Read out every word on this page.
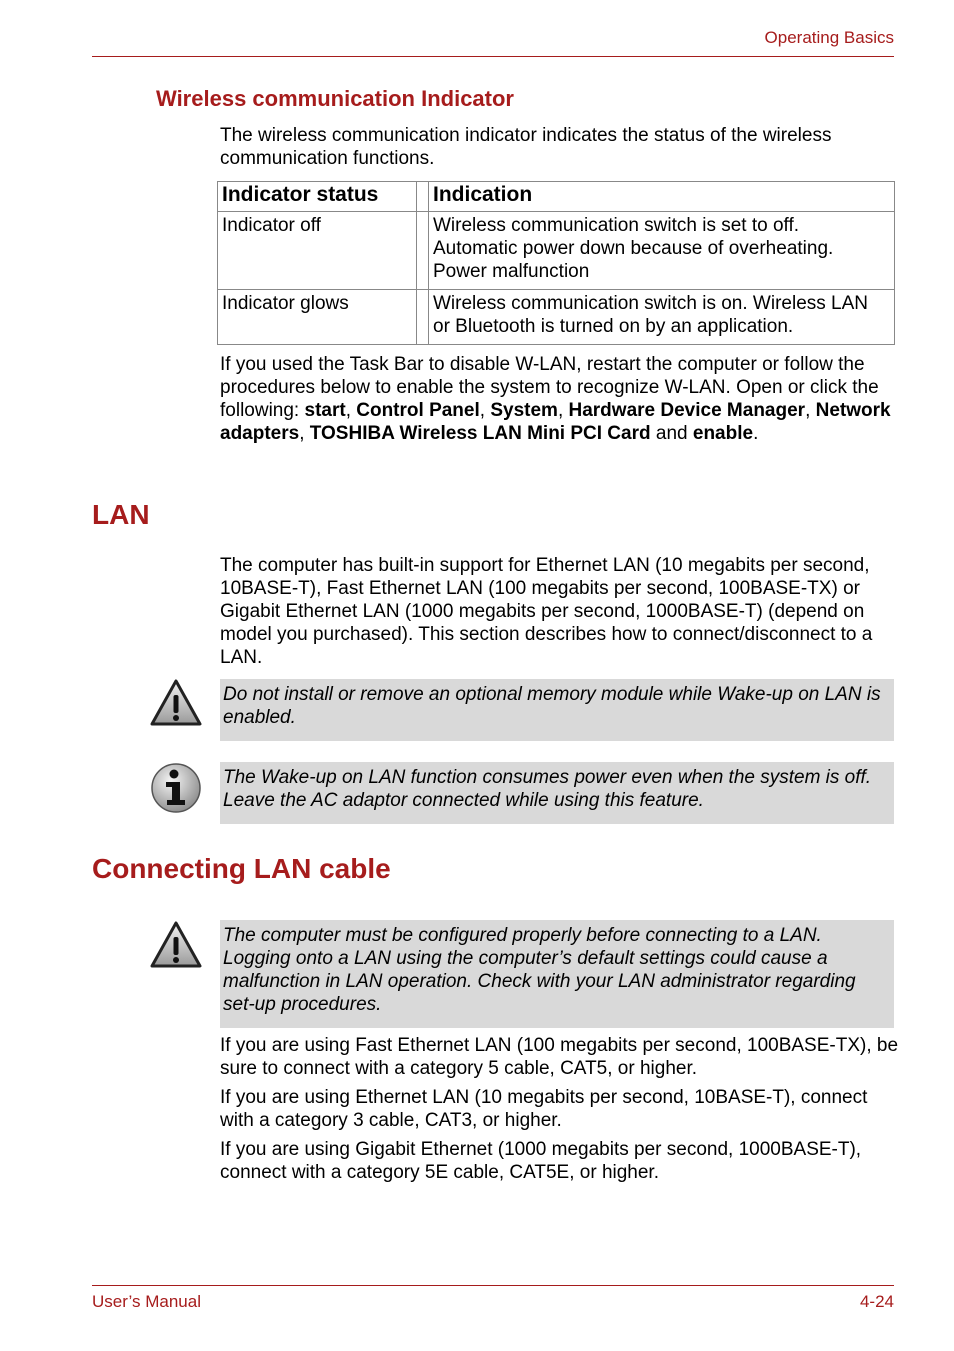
Operating Basics
Wireless communication Indicator
The wireless communication indicator indicates the status of the wireless communication functions.
Indicator status		Indication
Indicator off		Wireless communication switch is set to off.
Automatic power down because of overheating.
Power malfunction

Indicator glows		Wireless communication switch is on. Wireless LAN or Bluetooth is turned on by an application.
If you used the Task Bar to disable W-LAN, restart the computer or follow the procedures below to enable the system to recognize W-LAN. Open or click the following: start, Control Panel, System, Hardware Device Manager, Network adapters, TOSHIBA Wireless LAN Mini PCI Card and enable.
LAN
The computer has built-in support for Ethernet LAN (10 megabits per second, 10BASE-T), Fast Ethernet LAN (100 megabits per second, 100BASE-TX) or Gigabit Ethernet LAN (1000 megabits per second, 1000BASE-T) (depend on model you purchased). This section describes how to connect/disconnect to a LAN.
Do not install or remove an optional memory module while Wake-up on LAN is enabled.
The Wake-up on LAN function consumes power even when the system is off. Leave the AC adaptor connected while using this feature.
Connecting LAN cable
The computer must be configured properly before connecting to a LAN. Logging onto a LAN using the computer’s default settings could cause a malfunction in LAN operation. Check with your LAN administrator regarding set-up procedures.
If you are using Fast Ethernet LAN (100 megabits per second, 100BASE-TX), be sure to connect with a category 5 cable, CAT5, or higher.
If you are using Ethernet LAN (10 megabits per second, 10BASE-T), connect with a category 3 cable, CAT3, or higher.
If you are using Gigabit Ethernet (1000 megabits per second, 1000BASE-T), connect with a category 5E cable, CAT5E, or higher.
User’s Manual	4-24
